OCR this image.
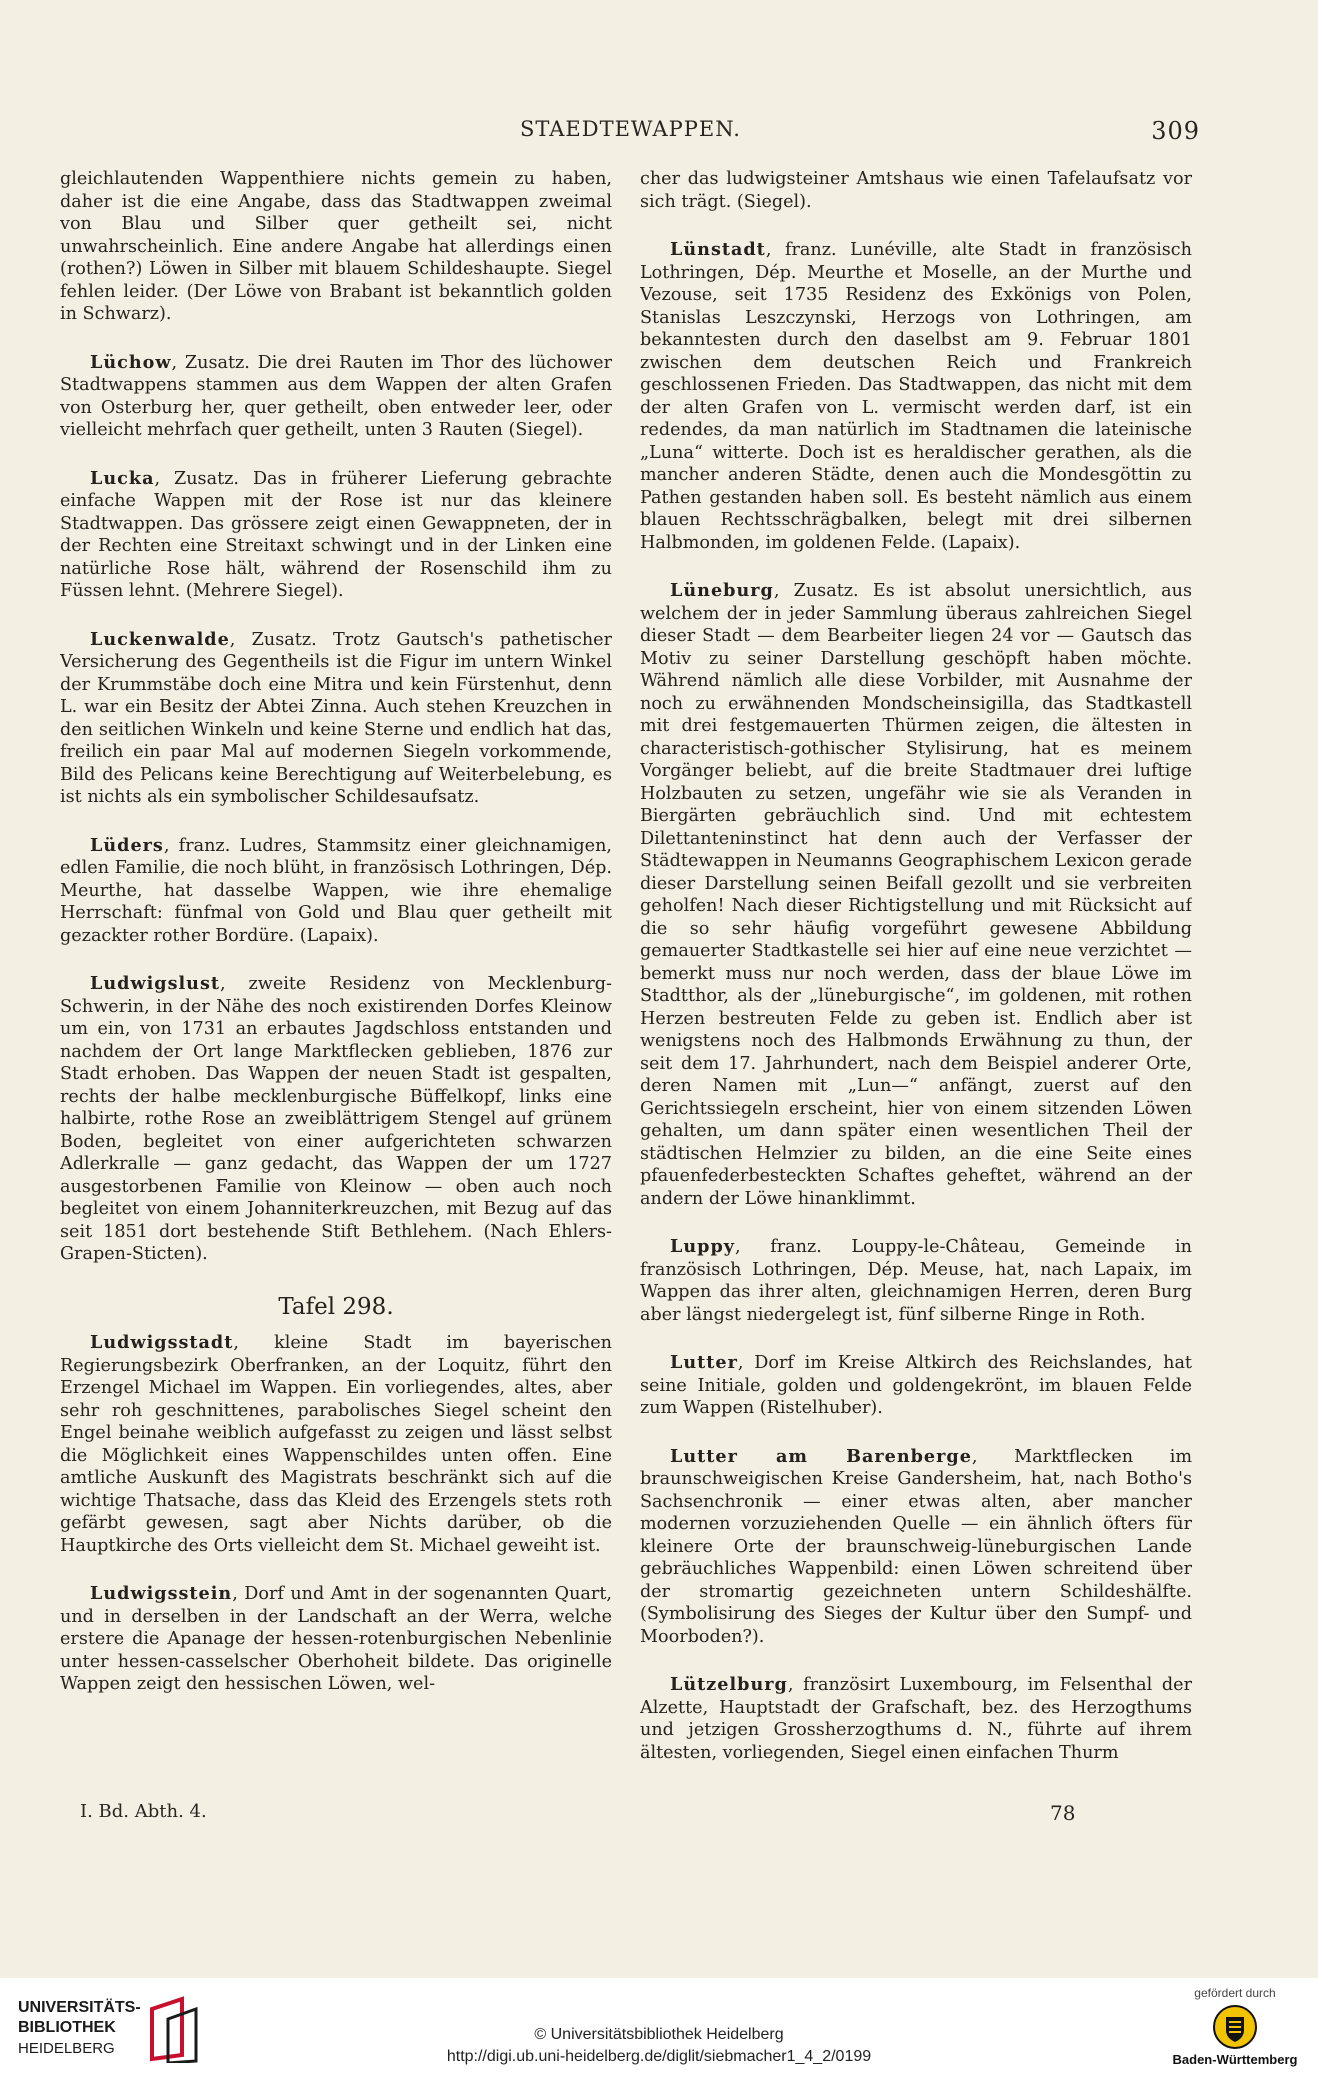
STAEDTEWAPPEN.	309

gleichlautenden Wappenthiere nichts gemein zu haben, daher ist die eine Angabe, dass das Stadtwappen zweimal von Blau und Silber quer getheilt sei, nicht unwahrscheinlich. Eine andere Angabe hat allerdings einen (rothen?) Löwen in Silber mit blauem Schildeshaupte. Siegel fehlen leider. (Der Löwe von Brabant ist bekanntlich golden in Schwarz).

Lüchow, Zusatz. Die drei Rauten im Thor des lüchower Stadtwappens stammen aus dem Wappen der alten Grafen von Osterburg her, quer getheilt, oben entweder leer, oder vielleicht mehrfach quer getheilt, unten 3 Rauten (Siegel).

Lucka, Zusatz. Das in früherer Lieferung gebrachte einfache Wappen mit der Rose ist nur das kleinere Stadtwappen. Das grössere zeigt einen Gewappneten, der in der Rechten eine Streitaxt schwingt und in der Linken eine natürliche Rose hält, während der Rosenschild ihm zu Füssen lehnt. (Mehrere Siegel).

Luckenwalde, Zusatz. Trotz Gautsch's pathetischer Versicherung des Gegentheils ist die Figur im untern Winkel der Krummstäbe doch eine Mitra und kein Fürstenhut, denn L. war ein Besitz der Abtei Zinna. Auch stehen Kreuzchen in den seitlichen Winkeln und keine Sterne und endlich hat das, freilich ein paar Mal auf modernen Siegeln vorkommende, Bild des Pelicans keine Berechtigung auf Weiterbelebung, es ist nichts als ein symbolischer Schildesaufsatz.

Lüders, franz. Ludres, Stammsitz einer gleichnamigen, edlen Familie, die noch blüht, in französisch Lothringen, Dép. Meurthe, hat dasselbe Wappen, wie ihre ehemalige Herrschaft: fünfmal von Gold und Blau quer getheilt mit gezackter rother Bordüre. (Lapaix).

Ludwigslust, zweite Residenz von Mecklenburg-Schwerin, in der Nähe des noch existirenden Dorfes Kleinow um ein, von 1731 an erbautes Jagdschloss entstanden und nachdem der Ort lange Marktflecken geblieben, 1876 zur Stadt erhoben. Das Wappen der neuen Stadt ist gespalten, rechts der halbe mecklenburgische Büffelkopf, links eine halbirte, rothe Rose an zweiblättrigem Stengel auf grünem Boden, begleitet von einer aufgerichteten schwarzen Adlerkralle — ganz gedacht, das Wappen der um 1727 ausgestorbenen Familie von Kleinow — oben auch noch begleitet von einem Johanniterkreuzchen, mit Bezug auf das seit 1851 dort bestehende Stift Bethlehem. (Nach Ehlers-Grapen-Sticten).

Tafel 298.

Ludwigsstadt, kleine Stadt im bayerischen Regierungsbezirk Oberfranken, an der Loquitz, führt den Erzengel Michael im Wappen. Ein vorliegendes, altes, aber sehr roh geschnittenes, parabolisches Siegel scheint den Engel beinahe weiblich aufgefasst zu zeigen und lässt selbst die Möglichkeit eines Wappenschildes unten offen. Eine amtliche Auskunft des Magistrats beschränkt sich auf die wichtige Thatsache, dass das Kleid des Erzengels stets roth gefärbt gewesen, sagt aber Nichts darüber, ob die Hauptkirche des Orts vielleicht dem St. Michael geweiht ist.

Ludwigsstein, Dorf und Amt in der sogenannten Quart, und in derselben in der Landschaft an der Werra, welche erstere die Apanage der hessen-rotenburgischen Nebenlinie unter hessen-casselscher Oberhoheit bildete. Das originelle Wappen zeigt den hessischen Löwen, wel-

cher das ludwigsteiner Amtshaus wie einen Tafelaufsatz vor sich trägt. (Siegel).

Lünstadt, franz. Lunéville, alte Stadt in französisch Lothringen, Dép. Meurthe et Moselle, an der Murthe und Vezouse, seit 1735 Residenz des Exkönigs von Polen, Stanislas Leszczynski, Herzogs von Lothringen, am bekanntesten durch den daselbst am 9. Februar 1801 zwischen dem deutschen Reich und Frankreich geschlossenen Frieden. Das Stadtwappen, das nicht mit dem der alten Grafen von L. vermischt werden darf, ist ein redendes, da man natürlich im Stadtnamen die lateinische „Luna“ witterte. Doch ist es heraldischer gerathen, als die mancher anderen Städte, denen auch die Mondesgöttin zu Pathen gestanden haben soll. Es besteht nämlich aus einem blauen Rechtsschrägbalken, belegt mit drei silbernen Halbmonden, im goldenen Felde. (Lapaix).

Lüneburg, Zusatz. Es ist absolut unersichtlich, aus welchem der in jeder Sammlung überaus zahlreichen Siegel dieser Stadt — dem Bearbeiter liegen 24 vor — Gautsch das Motiv zu seiner Darstellung geschöpft haben möchte. Während nämlich alle diese Vorbilder, mit Ausnahme der noch zu erwähnenden Mondscheinsigilla, das Stadtkastell mit drei festgemauerten Thürmen zeigen, die ältesten in characteristisch-gothischer Stylisirung, hat es meinem Vorgänger beliebt, auf die breite Stadtmauer drei luftige Holzbauten zu setzen, ungefähr wie sie als Veranden in Biergärten gebräuchlich sind. Und mit echtestem Dilettanteninstinct hat denn auch der Verfasser der Städtewappen in Neumanns Geographischem Lexicon gerade dieser Darstellung seinen Beifall gezollt und sie verbreiten geholfen! Nach dieser Richtigstellung und mit Rücksicht auf die so sehr häufig vorgeführt gewesene Abbildung gemauerter Stadtkastelle sei hier auf eine neue verzichtet — bemerkt muss nur noch werden, dass der blaue Löwe im Stadtthor, als der „lüneburgische“, im goldenen, mit rothen Herzen bestreuten Felde zu geben ist. Endlich aber ist wenigstens noch des Halbmonds Erwähnung zu thun, der seit dem 17. Jahrhundert, nach dem Beispiel anderer Orte, deren Namen mit „Lun—“ anfängt, zuerst auf den Gerichtssiegeln erscheint, hier von einem sitzenden Löwen gehalten, um dann später einen wesentlichen Theil der städtischen Helmzier zu bilden, an die eine Seite eines pfauenfederbesteckten Schaftes geheftet, während an der andern der Löwe hinanklimmt.

Luppy, franz. Louppy-le-Château, Gemeinde in französisch Lothringen, Dép. Meuse, hat, nach Lapaix, im Wappen das ihrer alten, gleichnamigen Herren, deren Burg aber längst niedergelegt ist, fünf silberne Ringe in Roth.

Lutter, Dorf im Kreise Altkirch des Reichslandes, hat seine Initiale, golden und goldengekrönt, im blauen Felde zum Wappen (Ristelhuber).

Lutter am Barenberge, Marktflecken im braunschweigischen Kreise Gandersheim, hat, nach Botho's Sachsenchronik — einer etwas alten, aber mancher modernen vorzuziehenden Quelle — ein ähnlich öfters für kleinere Orte der braunschweig-lüneburgischen Lande gebräuchliches Wappenbild: einen Löwen schreitend über der stromartig gezeichneten untern Schildeshälfte. (Symbolisirung des Sieges der Kultur über den Sumpf- und Moorboden?).

Lützelburg, französirt Luxembourg, im Felsenthal der Alzette, Hauptstadt der Grafschaft, bez. des Herzogthums und jetzigen Grossherzogthums d. N., führte auf ihrem ältesten, vorliegenden, Siegel einen einfachen Thurm

I. Bd. Abth. 4.	78
UNIVERSITÄTS-
BIBLIOTHEK
HEIDELBERG
© Universitätsbibliothek Heidelberg
http://digi.ub.uni-heidelberg.de/diglit/siebmacher1_4_2/0199
gefördert durch
Baden-Württemberg
